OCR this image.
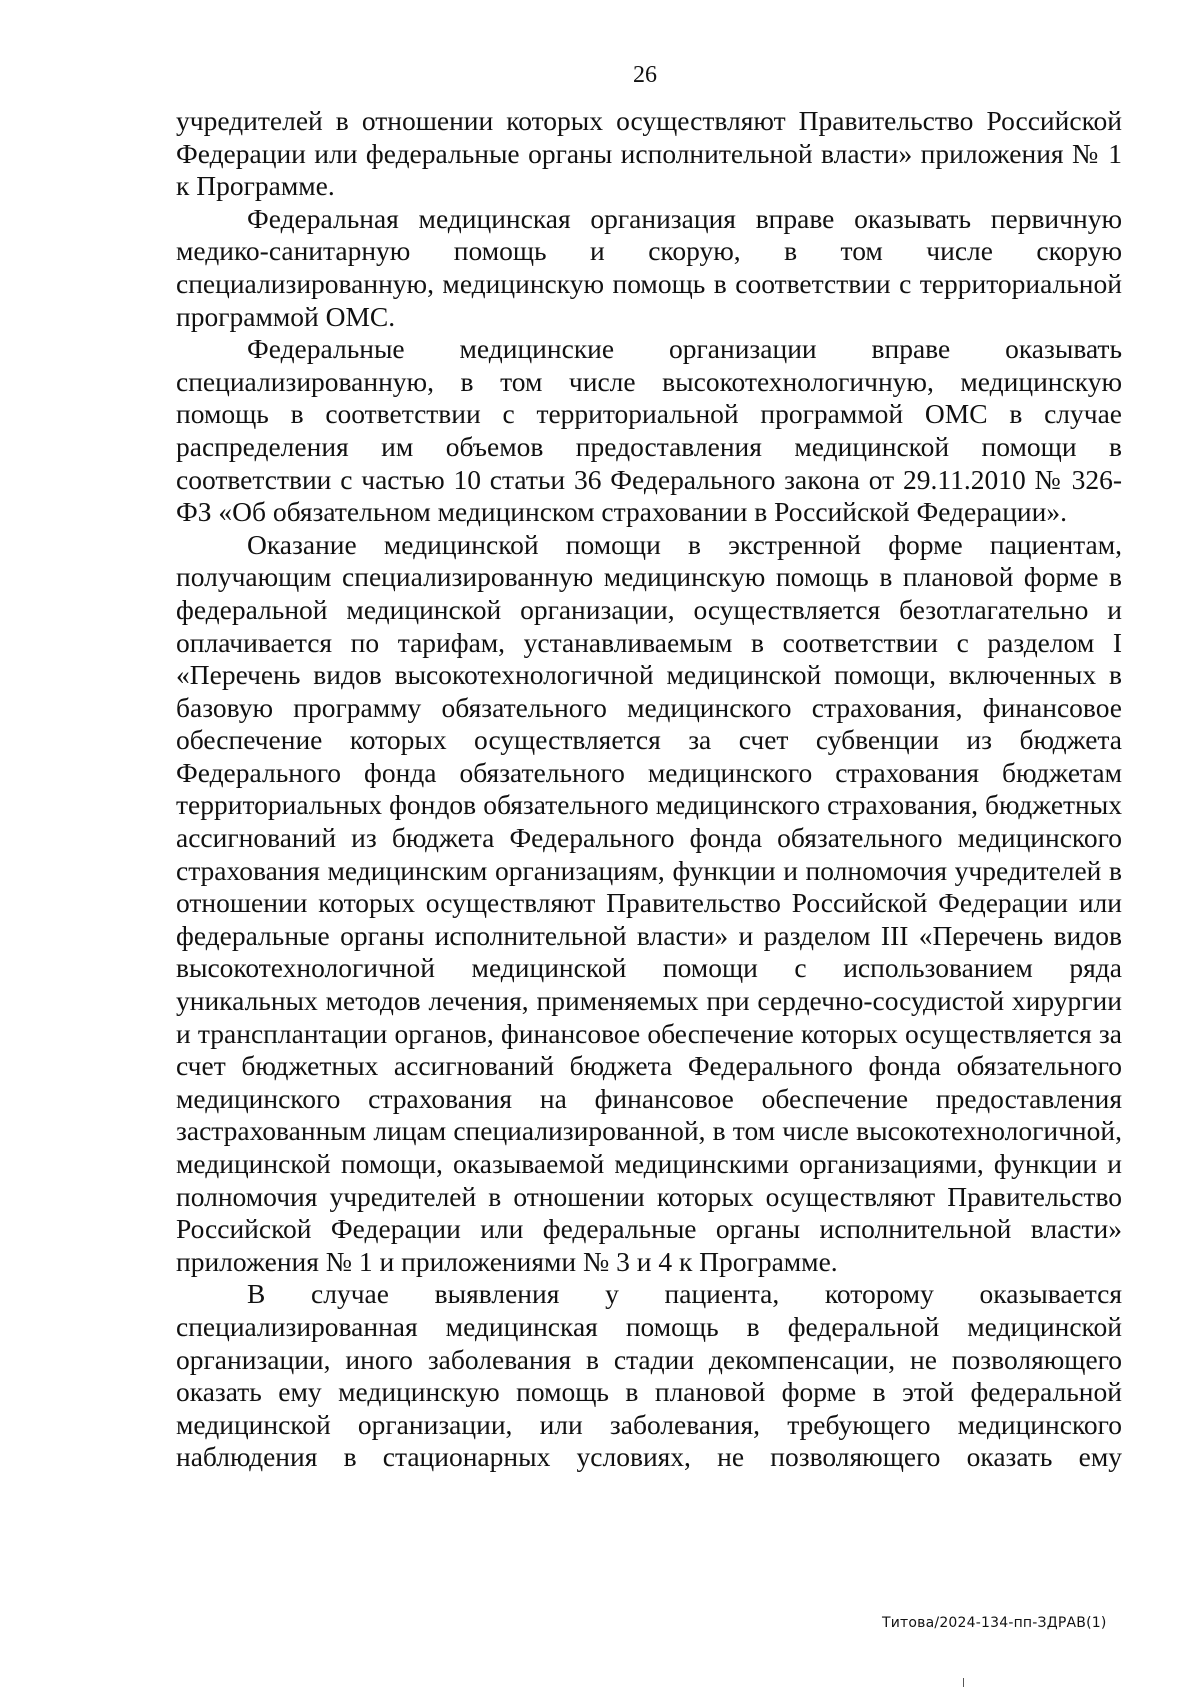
26

учредителей в отношении которых осуществляют Правительство Российской Федерации или федеральные органы исполнительной власти» приложения № 1 к Программе.

Федеральная медицинская организация вправе оказывать первичную медико-санитарную помощь и скорую, в том числе скорую специализированную, медицинскую помощь в соответствии с территориальной программой ОМС.

Федеральные медицинские организации вправе оказывать специализированную, в том числе высокотехнологичную, медицинскую помощь в соответствии с территориальной программой ОМС в случае распределения им объемов предоставления медицинской помощи в соответствии с частью 10 статьи 36 Федерального закона от 29.11.2010 № 326-ФЗ «Об обязательном медицинском страховании в Российской Федерации».

Оказание медицинской помощи в экстренной форме пациентам, получающим специализированную медицинскую помощь в плановой форме в федеральной медицинской организации, осуществляется безотлагательно и оплачивается по тарифам, устанавливаемым в соответствии с разделом I «Перечень видов высокотехнологичной медицинской помощи, включенных в базовую программу обязательного медицинского страхования, финансовое обеспечение которых осуществляется за счет субвенции из бюджета Федерального фонда обязательного медицинского страхования бюджетам территориальных фондов обязательного медицинского страхования, бюджетных ассигнований из бюджета Федерального фонда обязательного медицинского страхования медицинским организациям, функции и полномочия учредителей в отношении которых осуществляют Правительство Российской Федерации или федеральные органы исполнительной власти» и разделом III «Перечень видов высокотехнологичной медицинской помощи с использованием ряда уникальных методов лечения, применяемых при сердечно-сосудистой хирургии и трансплантации органов, финансовое обеспечение которых осуществляется за счет бюджетных ассигнований бюджета Федерального фонда обязательного медицинского страхования на финансовое обеспечение предоставления застрахованным лицам специализированной, в том числе высокотехнологичной, медицинской помощи, оказываемой медицинскими организациями, функции и полномочия учредителей в отношении которых осуществляют Правительство Российской Федерации или федеральные органы исполнительной власти» приложения № 1 и приложениями № 3 и 4 к Программе.

В случае выявления у пациента, которому оказывается специализированная медицинская помощь в федеральной медицинской организации, иного заболевания в стадии декомпенсации, не позволяющего оказать ему медицинскую помощь в плановой форме в этой федеральной медицинской организации, или заболевания, требующего медицинского наблюдения в стационарных условиях, не позволяющего оказать ему

Титова/2024-134-пп-ЗДРАВ(1)
